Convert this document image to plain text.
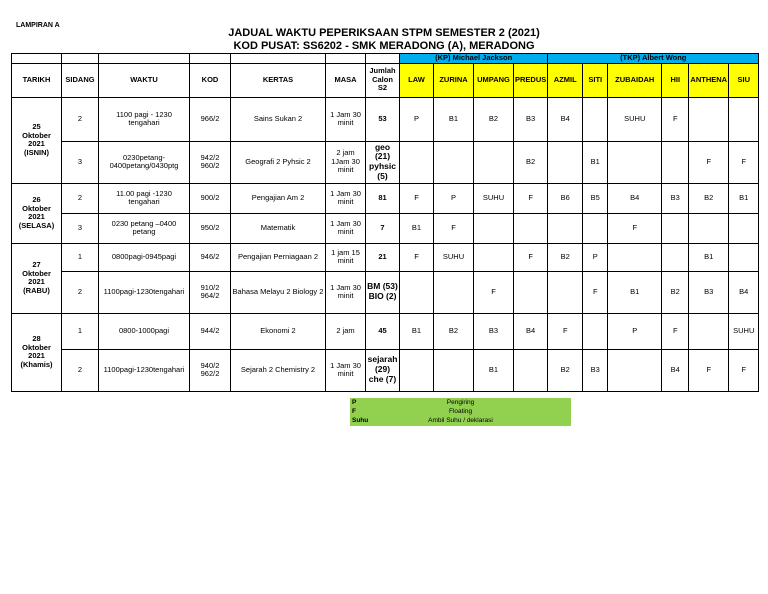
LAMPIRAN A
JADUAL WAKTU PEPERIKSAAN STPM SEMESTER 2 (2021)
KOD PUSAT: SS6202 - SMK MERADONG (A), MERADONG
							(KP) Michael Jackson				(TKP) Albert Wong					
TARIKH	SIDANG	WAKTU	KOD	KERTAS	MASA	Jumlah Calon S2	LAW	ZURINA	UMPANG	PREDUS	AZMIL	SITI	ZUBAIDAH	HII	ANTHENA	SIU
25
Oktober
2021
(ISNIN)	2	1100 pagi - 1230 tengahari	966/2	Sains Sukan 2	1 Jam 30 minit	53	P	B1	B2	B3	B4		SUHU	F		
	3	0230petang-0400petang/0430ptg	942/2 960/2	Geografi 2 Pyhsic 2	2 jam 1Jam 30 minit	geo (21) pyhsic (5)				B2		B1			F	F
26
Oktober
2021
(SELASA)	2	11.00 pagi -1230 tengahari	900/2	Pengajian Am 2	1 Jam 30 minit	81	F	P	SUHU	F	B6	B5	B4	B3	B2	B1
	3	0230 petang –0400 petang	950/2	Matematik	1 Jam 30 minit	7	B1	F					F			
27
Oktober
2021
(RABU)	1	0800pagi-0945pagi	946/2	Pengajian Perniagaan 2	1 jam 15 minit	21	F	SUHU		F	B2	P			B1	
	2	1100pagi-1230tengahari	910/2 964/2	Bahasa Melayu 2 Biology 2	1 Jam 30 minit	BM (53) BIO (2)			F			F	B1	B2	B3	B4
28
Oktober
2021
(Khamis)	1	0800-1000pagi	944/2	Ekonomi 2	2 jam	45	B1	B2	B3	B4	F		P	F		SUHU
	2	1100pagi-1230tengahari	940/2 962/2	Sejarah 2 Chemistry 2	1 Jam 30 minit	sejarah (29) che (7)			B1		B2	B3		B4	F	F
P	Pengiring
F	Floating
Suhu	Ambil Suhu / deklarasi
